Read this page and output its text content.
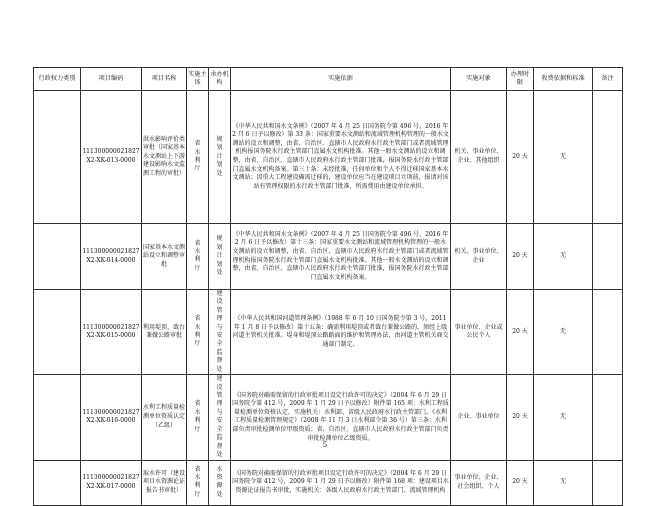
行政权力类别	项目编码	项目名称	实施主体	承办机构	实施依据	实施对象	办理时限	收费依据和标准	备注
	111300000021827X2-XK-013-0000	洪水影响评价类审批（国家基本水文测站上下游建设影响水文监测工程的审批）	省水利厅	规划计划处	《中华人民共和国水文条例》（2007 年 4 月 25 日国务院令第 496 号，2016 年 2 月 6 日予以修改）第 33 条：国家重要水文测站和流域管理机构管理的一般水文测站的设立和调整，由省、自治区、直辖市人民政府水行政主管部门或者流域管理机构报国务院水行政主管部门直属水文机构批准。其他一般水文测站的设立和调整，由省、自治区、直辖市人民政府水行政主管部门批准，报国务院水行政主管部门直属水文机构备案。第三十条：未经批准，任何单位和个人不得迁移国家基本水文测站；因重大工程建设确需迁移的，建设单位应当在建设项目立项前，报请对该站有管理权限的水行政主管部门批准，所需费用由建设单位承担。	机关、事业单位、企业、其他组织	20 天	无	
	111300000021827X2-XK-014-0000	国家基本水文测站设立和调整审批	省水利厅	规划计划处	《中华人民共和国水文条例》（2007 年 4 月 25 日国务院令第 496 号，2016 年 2 月 6 日予以修改）第十三条：国家重要水文测站和流域管理机构管理的一般水文测站的设立和调整，由省、自治区、直辖市人民政府水行政主管部门或者流域管理机构报国务院水行政主管部门直属水文机构批准。其他一般水文测站的设立和调整，由省、自治区、直辖市人民政府水行政主管部门批准，报国务院水行政主管部门直属水文机构备案。	机关、事业单位、企业	20 天	无	
	111300000021827X2-XK-015-0000	利用堤顶、戗台兼做公路审批	省水利厅	建设管理与安全监督处	《中华人民共和国河道管理条例》（1988 年 6 月 10 日国务院令第 3 号，2011 年 1 月 8 日予以修改）第十五条：确需利用堤顶或者戗台兼做公路的，须经上级河道主管机关批准。堤身和堤顶公路路面的维护和管理办法，由河道主管机关商交通部门制定。	事业单位、企业或公民个人	20 天	无	
	111300000021827X2-XK-016-0000	水利工程质量检测单位资质认定（乙级）	省水利厅	建设管理与安全监督处	《国务院对确需保留的行政审批项目设定行政许可的决定》（2004 年 6 月 29 日国务院令第 412 号，2009 年 1 月 29 日予以修改）附件第 165 项：水利工程质量检测单位资格认定，实施机关：水利部、省级人民政府水行政主管部门。《水利工程质量检测管理规定》（2008 年 11 月 3 日水利部令第 36 号）第三条：水利部负责审批检测单位甲级资质；省、自治区、直辖市人民政府水行政主管部门负责审批检测单位乙级资质。	企业、事业单位	20 天	无	
	111300000021827X2-XK-017-0000	取水许可（建设项目水资源论证报告书审批）	省水利厅	水资源处	《国务院对确需保留的行政审批项目设定行政许可的决定》（2004 年 6 月 29 日国务院令第 412 号，2009 年 1 月 29 日予以修改）附件第 168 项：建设项目水资源论证报告书审批，实施机关：各级人民政府水行政主管部门、流域管理机构	事业单位、企业、社会组织、个人	20 天	无	
5
